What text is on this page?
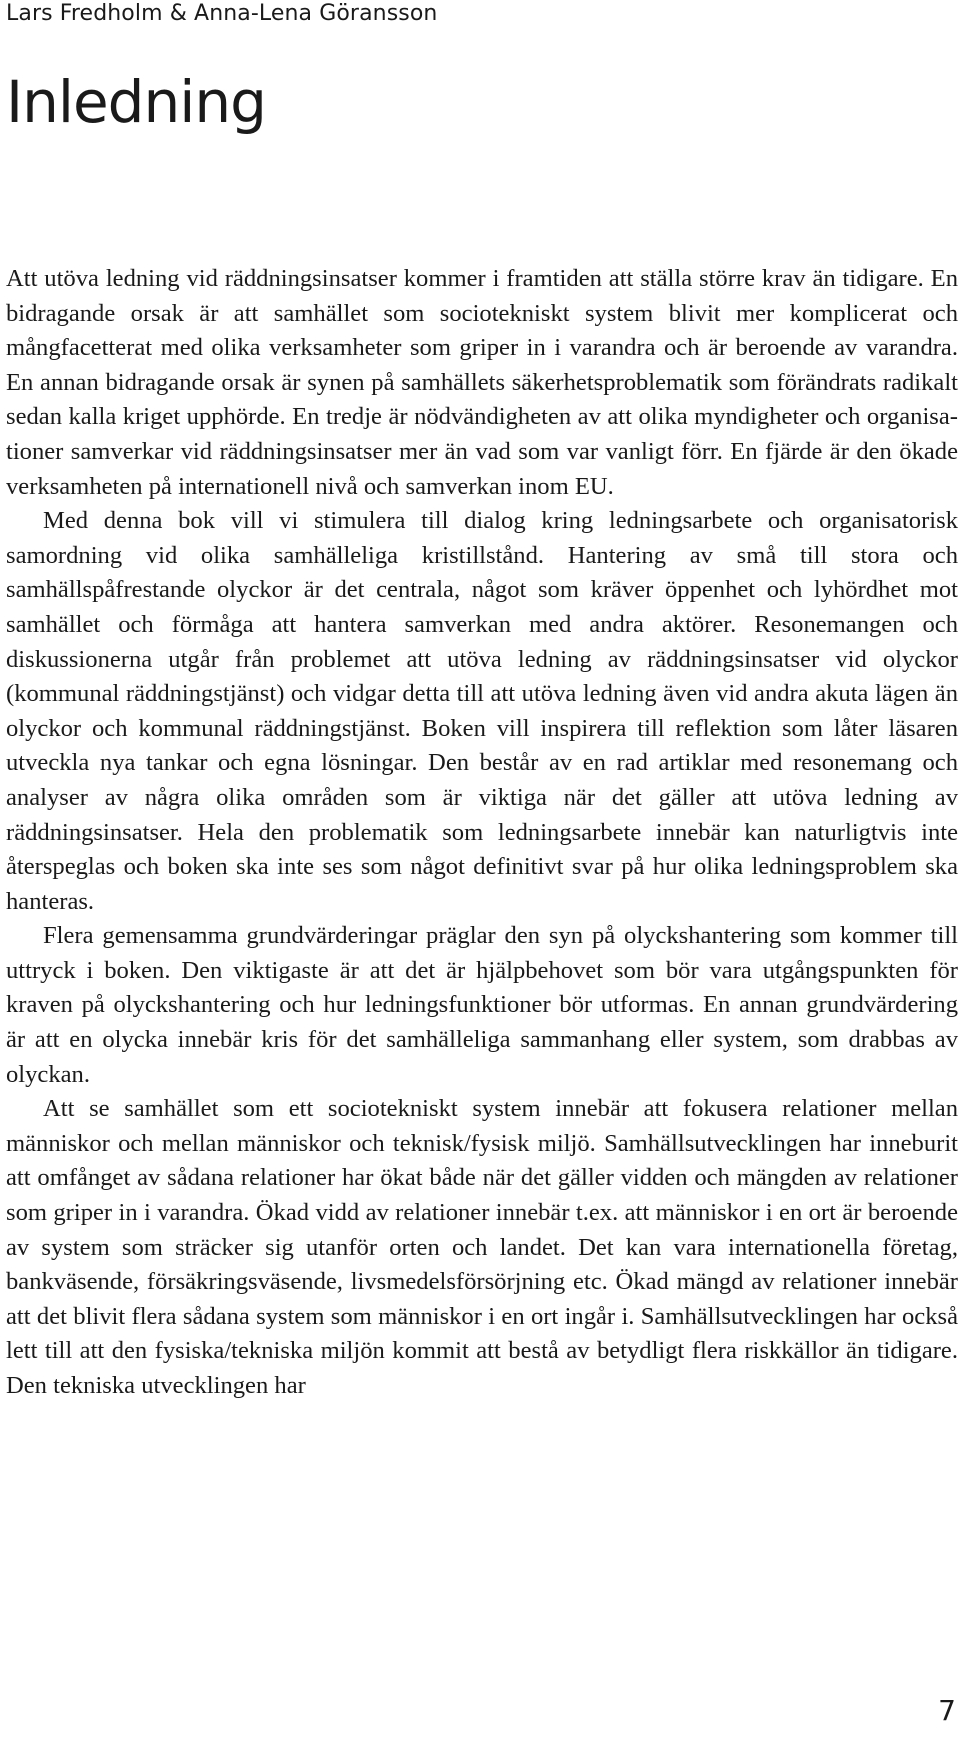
Lars Fredholm & Anna-Lena Göransson
Inledning

Att utöva ledning vid räddningsinsatser kommer i framtiden att ställa större krav än tidigare. En bidragande orsak är att samhället som sociotekniskt system blivit mer komplicerat och mångfacetterat med olika verksamheter som griper in i varandra och är beroende av varandra. En annan bidragande orsak är synen på samhällets säkerhetsproblematik som förändrats radikalt sedan kalla kriget upphörde. En tredje är nödvändigheten av att olika myndigheter och organisationer samverkar vid räddningsinsatser mer än vad som var vanligt förr. En fjärde är den ökade verksamheten på internationell nivå och samverkan inom EU.

Med denna bok vill vi stimulera till dialog kring ledningsarbete och organisatorisk samordning vid olika samhälleliga kristillstånd. Hantering av små till stora och samhällspåfrestande olyckor är det centrala, något som kräver öppenhet och lyhördhet mot samhället och förmåga att hantera samverkan med andra aktörer. Resonemangen och diskussionerna utgår från problemet att utöva ledning av räddningsinsatser vid olyckor (kommunal räddningstjänst) och vidgar detta till att utöva ledning även vid andra akuta lägen än olyckor och kommunal räddningstjänst. Boken vill inspirera till reflektion som låter läsaren utveckla nya tankar och egna lösningar. Den består av en rad artiklar med resonemang och analyser av några olika områden som är viktiga när det gäller att utöva ledning av räddningsinsatser. Hela den problematik som ledningsarbete innebär kan naturligtvis inte återspeglas och boken ska inte ses som något definitivt svar på hur olika ledningsproblem ska hanteras.

Flera gemensamma grundvärderingar präglar den syn på olyckshantering som kommer till uttryck i boken. Den viktigaste är att det är hjälpbehovet som bör vara utgångspunkten för kraven på olyckshantering och hur ledningsfunktioner bör utformas. En annan grundvärdering är att en olycka innebär kris för det samhälleliga sammanhang eller system, som drabbas av olyckan.

Att se samhället som ett sociotekniskt system innebär att fokusera relationer mellan människor och mellan människor och teknisk/fysisk miljö. Samhällsutvecklingen har inneburit att omfånget av sådana relationer har ökat både när det gäller vidden och mängden av relationer som griper in i varandra. Ökad vidd av relationer innebär t.ex. att människor i en ort är beroende av system som sträcker sig utanför orten och landet. Det kan vara internationella företag, bankväsende, försäkringsväsende, livsmedelsförsörjning etc. Ökad mängd av relationer innebär att det blivit flera sådana system som människor i en ort ingår i. Samhällsutvecklingen har också lett till att den fysiska/tekniska miljön kommit att bestå av betydligt flera riskkällor än tidigare. Den tekniska utvecklingen har

7
